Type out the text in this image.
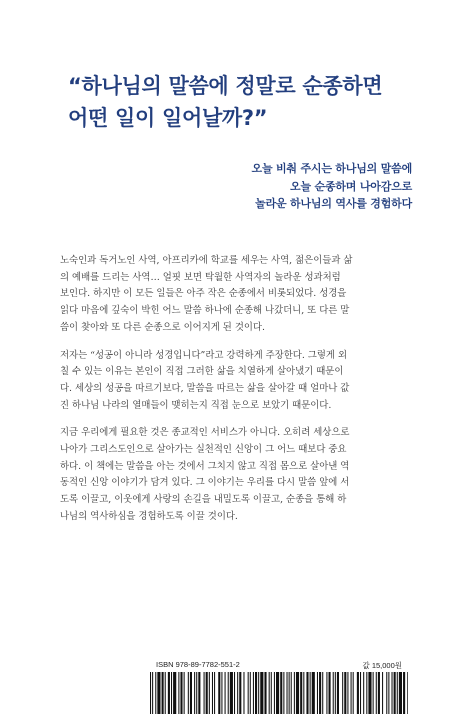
“하나님의 말씀에 정말로 순종하면
어떤 일이 일어날까?”
오늘 비춰 주시는 하나님의 말씀에
오늘 순종하며 나아감으로
놀라운 하나님의 역사를 경험하다

노숙인과 독거노인 사역, 아프리카에 학교를 세우는 사역, 젊은이들과 삶
의 예배를 드리는 사역… 얼핏 보면 탁월한 사역자의 놀라운 성과처럼
보인다. 하지만 이 모든 일들은 아주 작은 순종에서 비롯되었다. 성경을
읽다 마음에 깊숙이 박힌 어느 말씀 하나에 순종해 나갔더니, 또 다른 말
씀이 찾아와 또 다른 순종으로 이어지게 된 것이다.

저자는 “성공이 아니라 성경입니다”라고 강력하게 주장한다. 그렇게 외
칠 수 있는 이유는 본인이 직접 그러한 삶을 치열하게 살아냈기 때문이
다. 세상의 성공을 따르기보다, 말씀을 따르는 삶을 살아갈 때 얼마나 값
진 하나님 나라의 열매들이 맺히는지 직접 눈으로 보았기 때문이다.

지금 우리에게 필요한 것은 종교적인 서비스가 아니다. 오히려 세상으로
나아가 그리스도인으로 살아가는 실천적인 신앙이 그 어느 때보다 중요
하다. 이 책에는 말씀을 아는 것에서 그치지 않고 직접 몸으로 살아낸 역
동적인 신앙 이야기가 담겨 있다. 그 이야기는 우리를 다시 말씀 앞에 서
도록 이끌고, 이웃에게 사랑의 손길을 내밀도록 이끌고, 순종을 통해 하
나님의 역사하심을 경험하도록 이끌 것이다.

ISBN 978-89-7782-551-2	값 15,000원
